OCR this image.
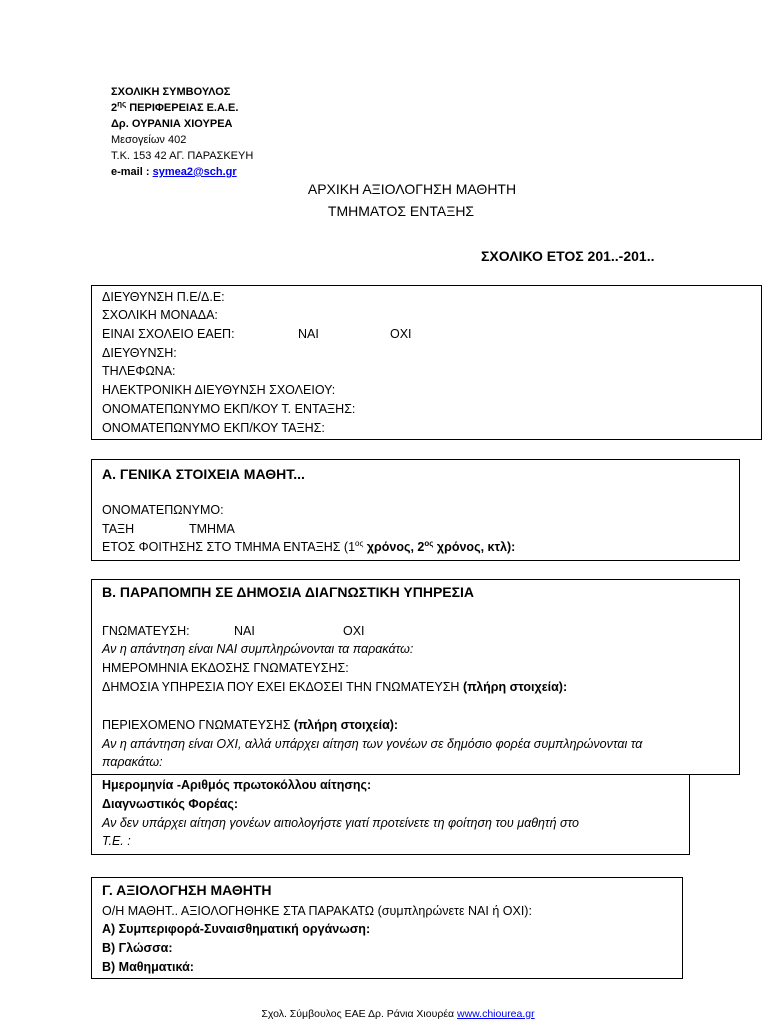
ΣΧΟΛΙΚΗ ΣΥΜΒΟΥΛΟΣ
$2^{\eta\varsigma}$ ΠΕΡΙΦΕΡΕΙΑΣ Ε.Α.Ε.
Δρ. ΟΥΡΑΝΙΑ ΧΙΟΥΡΕΑ
Μεσογείων 402
Τ.Κ. 153 42 ΑΓ. ΠΑΡΑΣΚΕΥΗ
e-mail : symea2@sch.gr
ΑΡΧΙΚΗ ΑΞΙΟΛΟΓΗΣΗ ΜΑΘΗΤΗ
ΤΜΗΜΑΤΟΣ ΕΝΤΑΞΗΣ
ΣΧΟΛΙΚΟ ΕΤΟΣ 201..-201..
ΔΙΕΥΘΥΝΣΗ Π.Ε/Δ.Ε:
ΣΧΟΛΙΚΗ ΜΟΝΑΔΑ:
ΕΙΝΑΙ ΣΧΟΛΕΙΟ ΕΑΕΠ:	ΝΑΙ	ΟΧΙ
ΔΙΕΥΘΥΝΣΗ:
ΤΗΛΕΦΩΝΑ:
ΗΛΕΚΤΡΟΝΙΚΗ ΔΙΕΥΘΥΝΣΗ ΣΧΟΛΕΙΟΥ:
ΟΝΟΜΑΤΕΠΩΝΥΜΟ ΕΚΠ/ΚΟΥ Τ. ΕΝΤΑΞΗΣ:
ΟΝΟΜΑΤΕΠΩΝΥΜΟ ΕΚΠ/ΚΟΥ ΤΑΞΗΣ:
Α. ΓΕΝΙΚΑ ΣΤΟΙΧΕΙΑ ΜΑΘΗΤ...
ΟΝΟΜΑΤΕΠΩΝΥΜΟ:
ΤΑΞΗ	ΤΜΗΜΑ
ΕΤΟΣ ΦΟΙΤΗΣΗΣ ΣΤΟ ΤΜΗΜΑ ΕΝΤΑΞΗΣ ($1^{o\varsigma}$ χρόνος, $2^{o\varsigma}$ χρόνος, κτλ):
Β. ΠΑΡΑΠΟΜΠΗ ΣΕ ΔΗΜΟΣΙΑ ΔΙΑΓΝΩΣΤΙΚΗ ΥΠΗΡΕΣΙΑ
ΓΝΩΜΑΤΕΥΣΗ:	ΝΑΙ	ΟΧΙ
Αν η απάντηση είναι ΝΑΙ συμπληρώνονται τα παρακάτω:
ΗΜΕΡΟΜΗΝΙΑ ΕΚΔΟΣΗΣ ΓΝΩΜΑΤΕΥΣΗΣ:
ΔΗΜΟΣΙΑ ΥΠΗΡΕΣΙΑ ΠΟΥ ΕΧΕΙ ΕΚΔΟΣΕΙ ΤΗΝ ΓΝΩΜΑΤΕΥΣΗ (πλήρη στοιχεία):
ΠΕΡΙΕΧΟΜΕΝΟ ΓΝΩΜΑΤΕΥΣΗΣ (πλήρη στοιχεία):
Αν η απάντηση είναι ΟΧΙ, αλλά υπάρχει αίτηση των γονέων σε δημόσιο φορέα συμπληρώνονται τα
παρακάτω:
Ημερομηνία -Αριθμός πρωτοκόλλου αίτησης:
Διαγνωστικός Φορέας:
Αν δεν υπάρχει αίτηση γονέων αιτιολογήστε γιατί προτείνετε τη φοίτηση του μαθητή στο
Τ.Ε. :
Γ. ΑΞΙΟΛΟΓΗΣΗ ΜΑΘΗΤΗ
Ο/Η ΜΑΘΗΤ.. ΑΞΙΟΛΟΓΗΘΗΚΕ ΣΤΑ ΠΑΡΑΚΑΤΩ (συμπληρώνετε ΝΑΙ ή ΟΧΙ):
Α) Συμπεριφορά-Συναισθηματική οργάνωση:
Β) Γλώσσα:
Β) Μαθηματικά:
Σχολ. Σύμβουλος ΕΑΕ Δρ. Ράνια Χιουρέα www.chiourea.gr
